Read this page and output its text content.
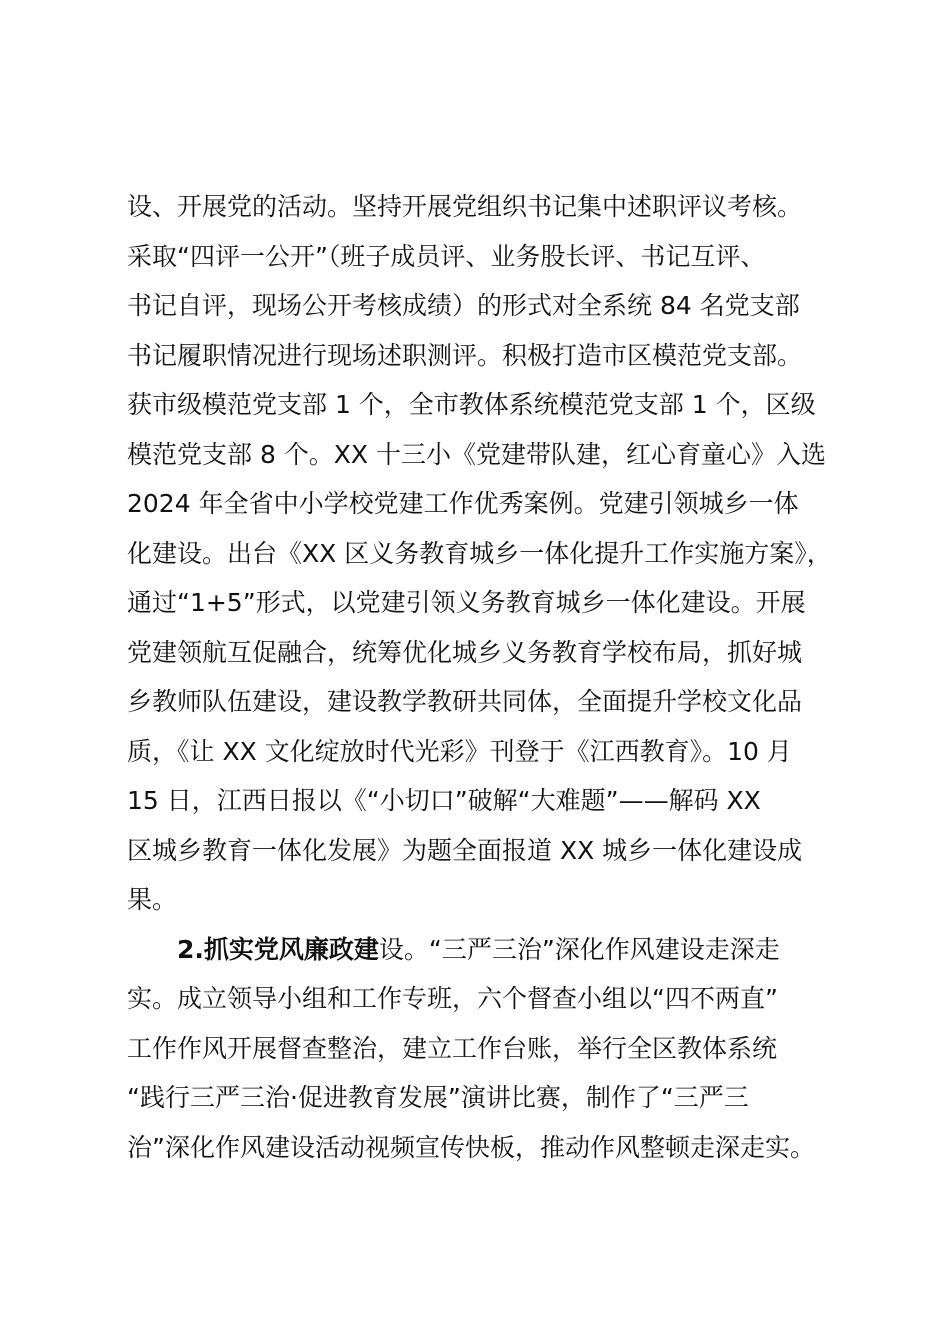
设、开展党的活动。坚持开展党组织书记集中述职评议考核。
采取“四评一公开”（班子成员评、业务股长评、书记互评、
书记自评，现场公开考核成绩）的形式对全系统 84 名党支部
书记履职情况进行现场述职测评。积极打造市区模范党支部。
获市级模范党支部 1 个，全市教体系统模范党支部 1 个，区级
模范党支部 8 个。XX 十三小《党建带队建，红心育童心》入选
2024 年全省中小学校党建工作优秀案例。党建引领城乡一体
化建设。出台《XX 区义务教育城乡一体化提升工作实施方案》，
通过“1+5”形式，以党建引领义务教育城乡一体化建设。开展
党建领航互促融合，统筹优化城乡义务教育学校布局，抓好城
乡教师队伍建设，建设教学教研共同体，全面提升学校文化品
质，《让 XX 文化绽放时代光彩》刊登于《江西教育》。10 月
15 日，江西日报以《“小切口”破解“大难题”——解码 XX
区城乡教育一体化发展》为题全面报道 XX 城乡一体化建设成
果。
2.抓实党风廉政建设。“三严三治”深化作风建设走深走
实。成立领导小组和工作专班，六个督查小组以“四不两直”
工作作风开展督查整治，建立工作台账，举行全区教体系统
“践行三严三治·促进教育发展”演讲比赛，制作了“三严三
治”深化作风建设活动视频宣传快板，推动作风整顿走深走实。
